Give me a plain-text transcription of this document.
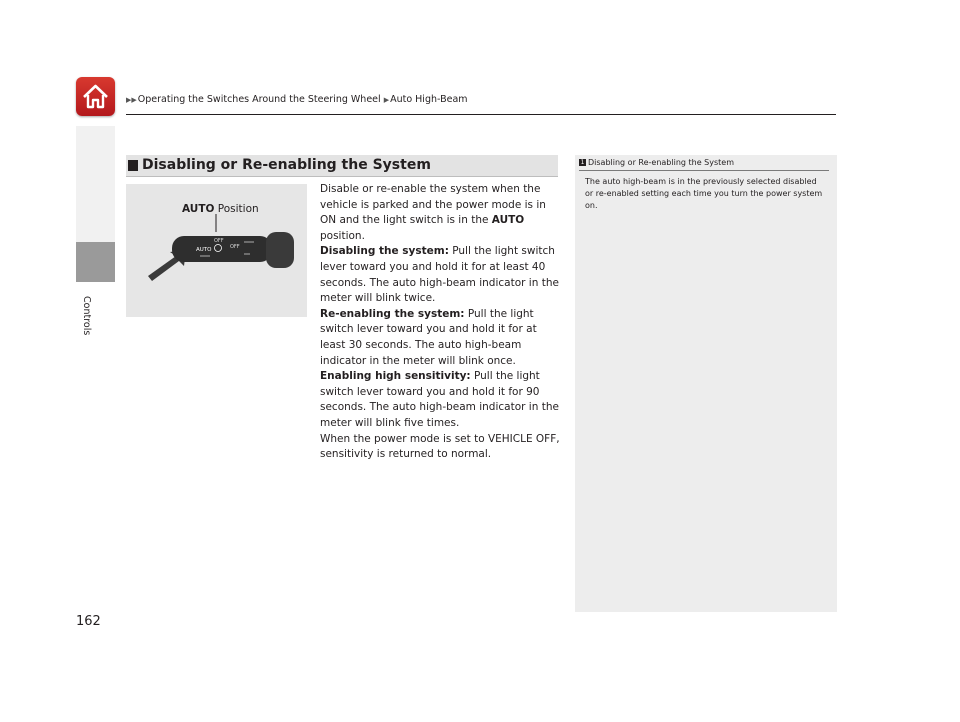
▶▶Operating the Switches Around the Steering Wheel ▶Auto High-Beam
Controls
162
Disabling or Re-enabling the System
AUTO Position
OFF
AUTO	OFF

Disable or re-enable the system when the vehicle is parked and the power mode is in ON and the light switch is in the AUTO position.

Disabling the system: Pull the light switch lever toward you and hold it for at least 40 seconds. The auto high-beam indicator in the meter will blink twice.

Re-enabling the system: Pull the light switch lever toward you and hold it for at least 30 seconds. The auto high-beam indicator in the meter will blink once.

Enabling high sensitivity: Pull the light switch lever toward you and hold it for 90 seconds. The auto high-beam indicator in the meter will blink five times.

When the power mode is set to VEHICLE OFF, sensitivity is returned to normal.

1 Disabling or Re-enabling the System
The auto high-beam is in the previously selected disabled or re-enabled setting each time you turn the power system on.
